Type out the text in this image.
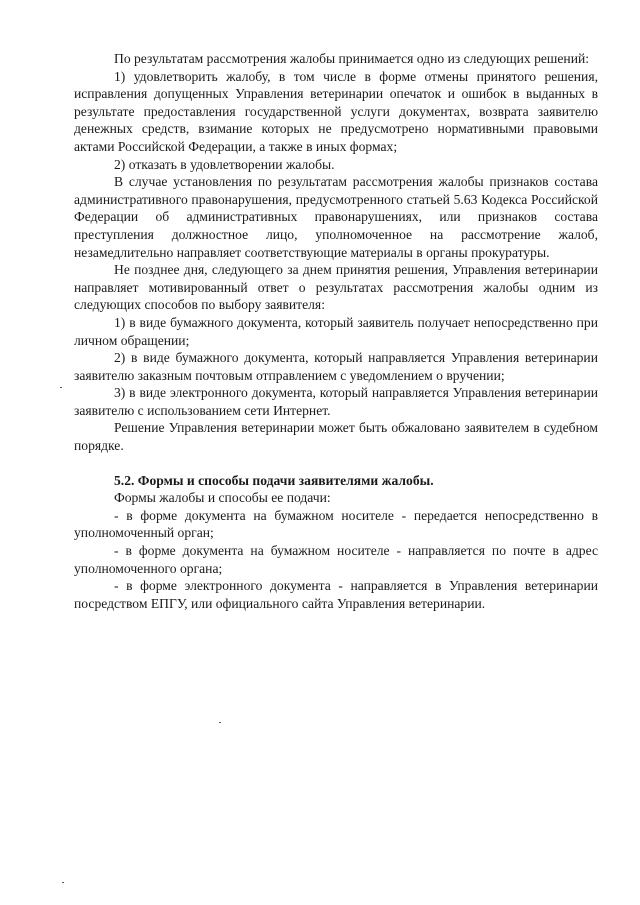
По результатам рассмотрения жалобы принимается одно из следующих решений:

1) удовлетворить жалобу, в том числе в форме отмены принятого решения, исправления допущенных Управления ветеринарии опечаток и ошибок в выданных в результате предоставления государственной услуги документах, возврата заявителю денежных средств, взимание которых не предусмотрено нормативными правовыми актами Российской Федерации, а также в иных формах;

2) отказать в удовлетворении жалобы.

В случае установления по результатам рассмотрения жалобы признаков состава административного правонарушения, предусмотренного статьей 5.63 Кодекса Российской Федерации об административных правонарушениях, или признаков состава преступления должностное лицо, уполномоченное на рассмотрение жалоб, незамедлительно направляет соответствующие материалы в органы прокуратуры.

Не позднее дня, следующего за днем принятия решения, Управления ветеринарии направляет мотивированный ответ о результатах рассмотрения жалобы одним из следующих способов по выбору заявителя:

1) в виде бумажного документа, который заявитель получает непосредственно при личном обращении;

2) в виде бумажного документа, который направляется Управления ветеринарии заявителю заказным почтовым отправлением с уведомлением о вручении;

3) в виде электронного документа, который направляется Управления ветеринарии заявителю с использованием сети Интернет.

Решение Управления ветеринарии может быть обжаловано заявителем в судебном порядке.

5.2. Формы и способы подачи заявителями жалобы.

Формы жалобы и способы ее подачи:

- в форме документа на бумажном носителе - передается непосредственно в уполномоченный орган;

- в форме документа на бумажном носителе - направляется по почте в адрес уполномоченного органа;

- в форме электронного документа - направляется в Управления ветеринарии посредством ЕПГУ, или официального сайта Управления ветеринарии.
